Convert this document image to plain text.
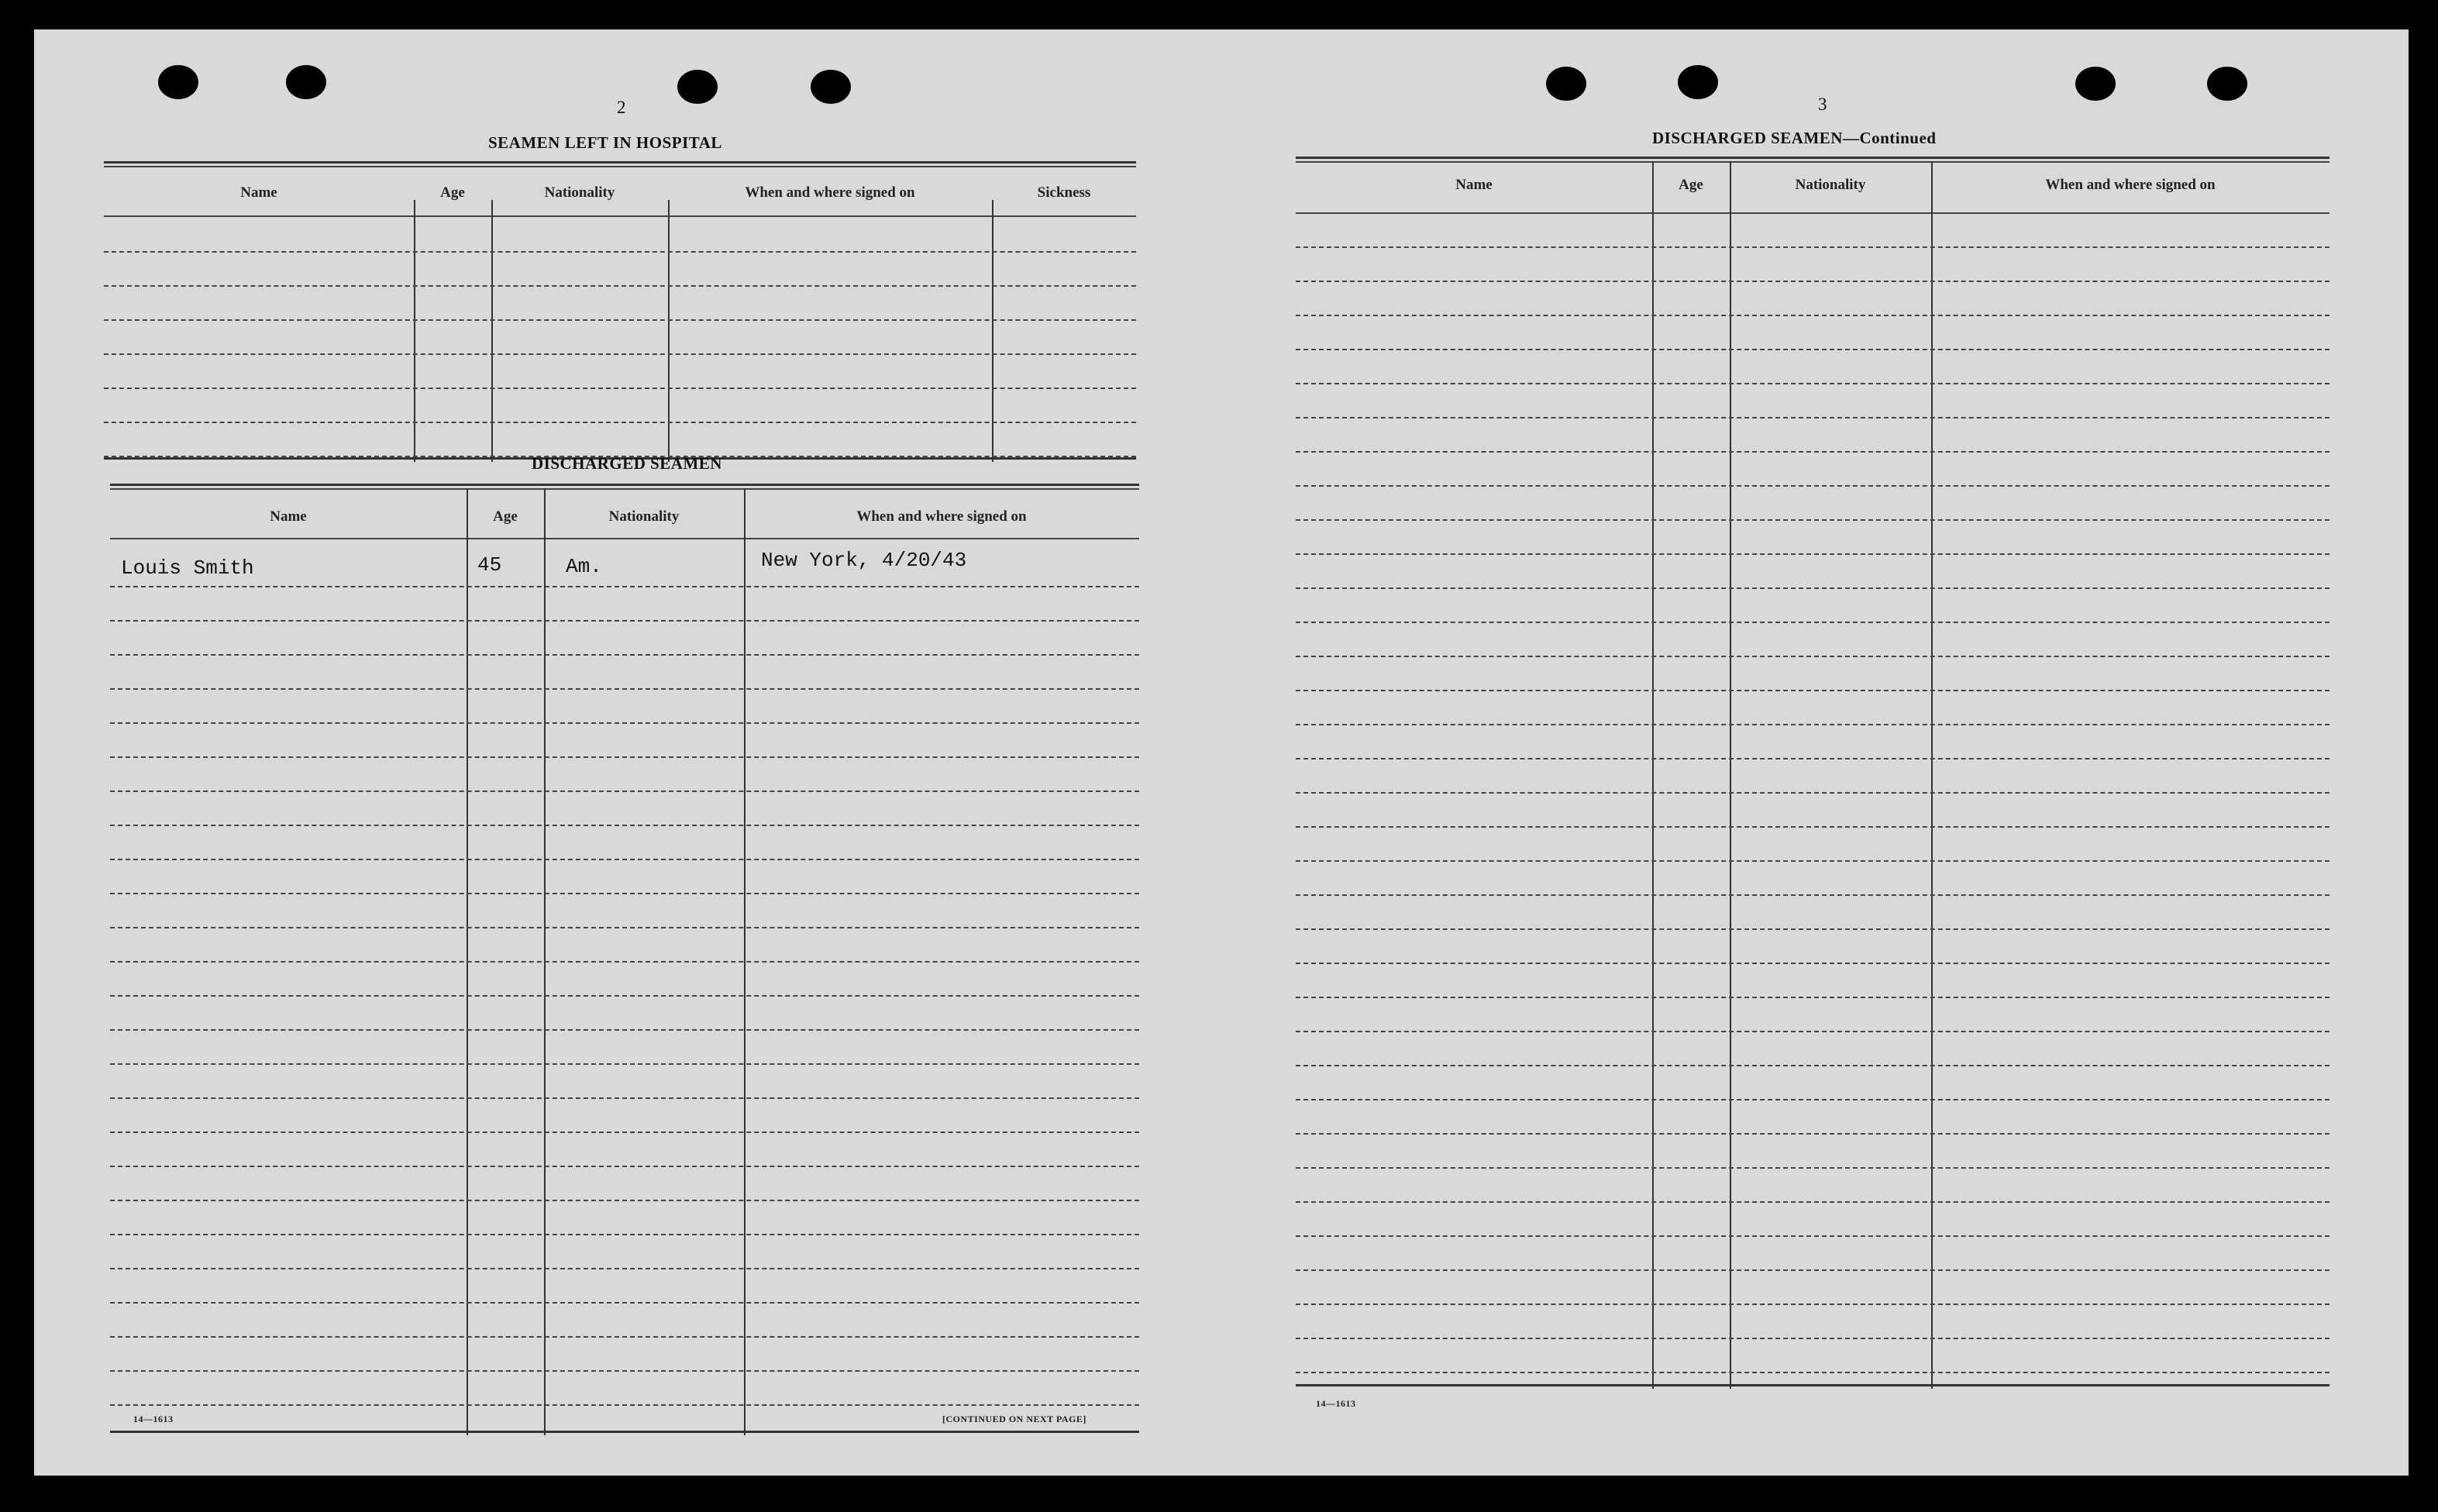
2
SEAMEN LEFT IN HOSPITAL
Name	Age	Nationality	When and where signed on	Sickness
DISCHARGED SEAMEN
Name	Age	Nationality	When and where signed on
Louis Smith	45	Am.	New York, 4/20/43
14—1613	[CONTINUED ON NEXT PAGE]
3
DISCHARGED SEAMEN—Continued
Name	Age	Nationality	When and where signed on
14—1613
